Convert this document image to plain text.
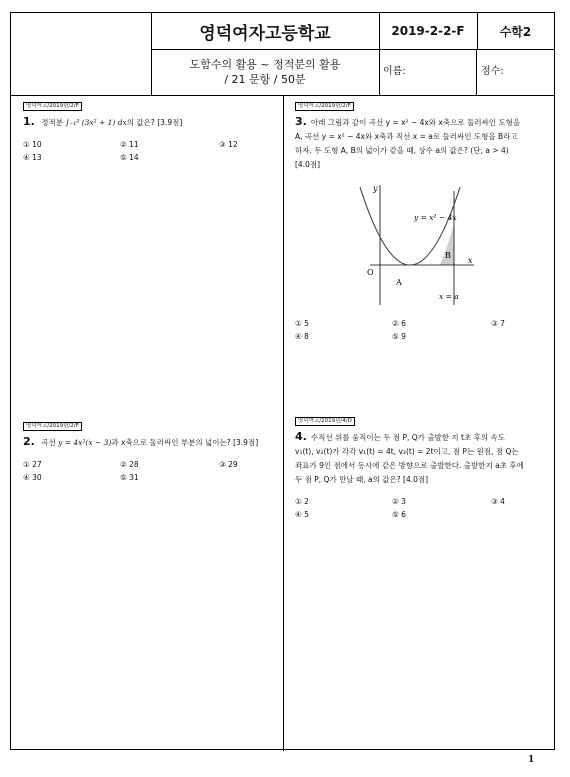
영덕여자고등학교	2019-2-2-F	수학2
도함수의 활용 ~ 정적분의 활용
/ 21 문항 / 50분
이름:	점수:
영덕여고/2019년/2/F
1. 정적분 ∫₋₁² (3x² + 1) dx의 값은? [3.9점]
① 10	② 11	③ 12
④ 13	⑤ 14
영덕여고/2019년/2/F
2. 곡선 y = 4x²(x − 3)과 x축으로 둘러싸인 부분의 넓이는? [3.9점]
① 27	② 28	③ 29
④ 30	⑤ 31
영덕여고/2019년/2/F
3. 아래 그림과 같이 곡선 y = x² − 4x와 x축으로 둘러싸인 도형을
A, 곡선 y = x² − 4x와 x축과 직선 x = a로 둘러싸인 도형을 B라고
하자. 두 도형 A, B의 넓이가 같을 때, 상수 a의 값은? (단, a > 4)
[4.0점]
y
x
O
A
B
y = x² − 4x
x = a
① 5	② 6	③ 7
④ 8	⑤ 9
영덕여고/2019년/4/D
4. 수직선 위를 움직이는 두 점 P, Q가 출발한 지 t초 후의 속도
v₁(t), v₂(t)가 각각 v₁(t) = 4t, v₂(t) = 2t이고, 점 P는 원점, 점 Q는
좌표가 9인 점에서 동시에 같은 방향으로 출발한다. 출발한지 a초 후에
두 점 P, Q가 만날 때, a의 값은? [4.0점]
① 2	② 3	③ 4
④ 5	⑤ 6
1
